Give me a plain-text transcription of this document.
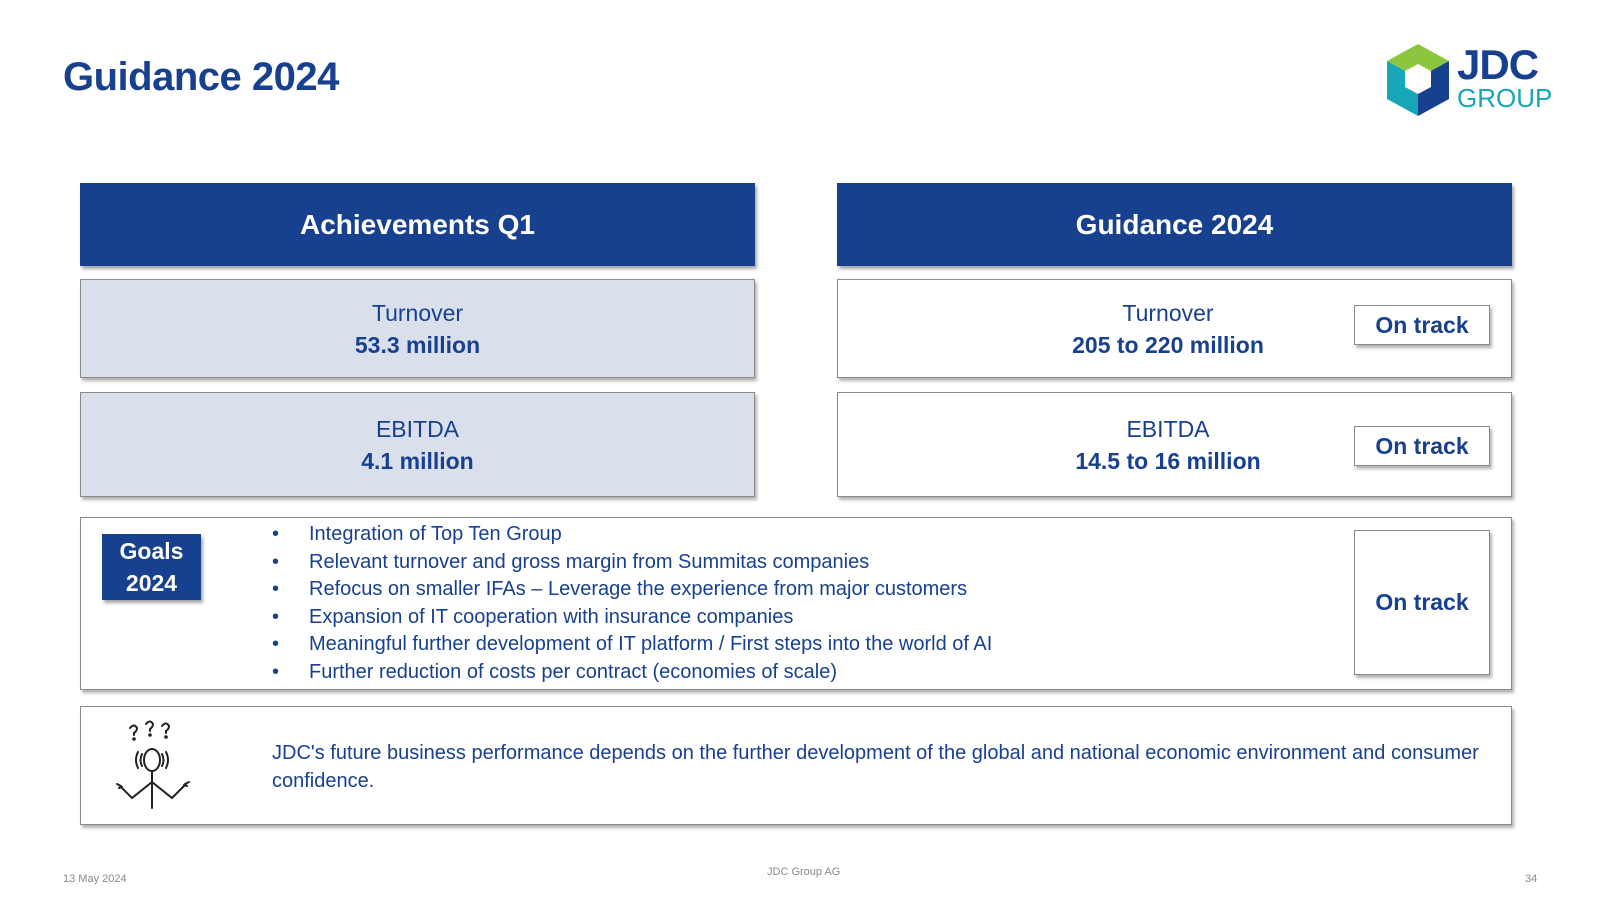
Guidance 2024	JDC
GROUP
Achievements Q1	Guidance 2024
Turnover
53.3 million
EBITDA
4.1 million
Turnover
205 to 220 million
On track
EBITDA
14.5 to 16 million
On track
Goals
2024
• Integration of Top Ten Group
• Relevant turnover and gross margin from Summitas companies
• Refocus on smaller IFAs – Leverage the experience from major customers
• Expansion of IT cooperation with insurance companies
• Meaningful further development of IT platform / First steps into the world of AI
• Further reduction of costs per contract (economies of scale)
On track
JDC's future business performance depends on the further development of the global and national economic environment and consumer confidence.
13 May 2024
JDC Group AG
34
